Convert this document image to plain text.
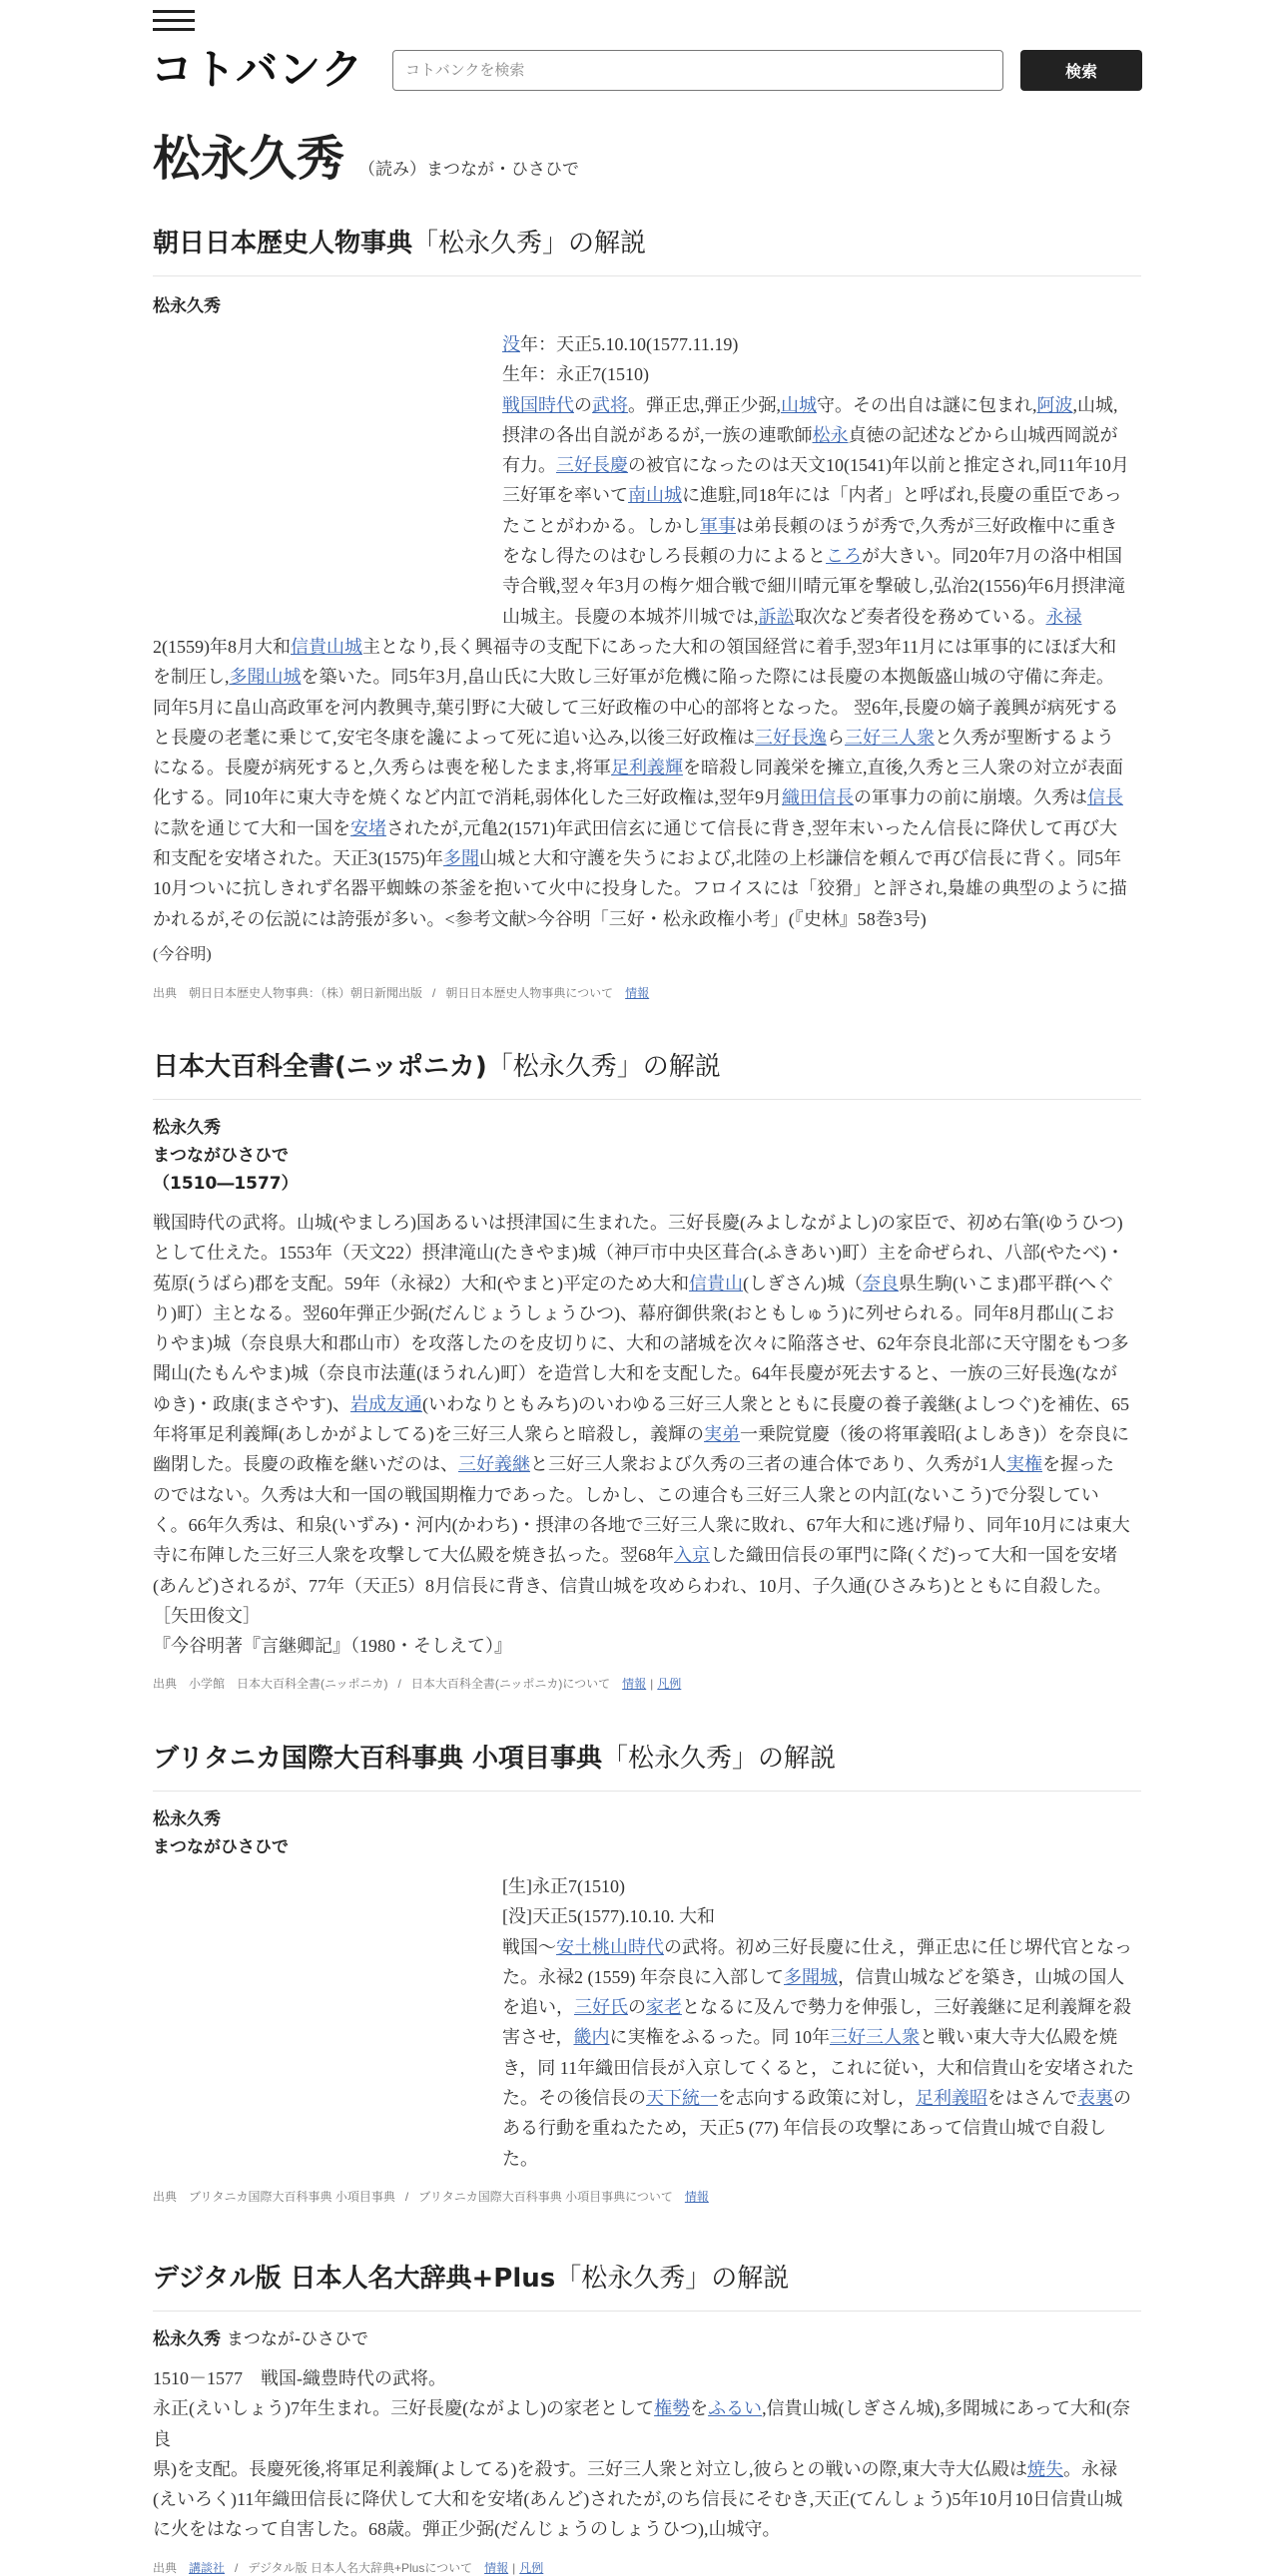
コトバンク
コトバンクを検索	検索
松永久秀 （読み）まつなが・ひさひで
朝日日本歴史人物事典「松永久秀」の解説
松永久秀
没年：天正5.10.10(1577.11.19)
生年：永正7(1510)
戦国時代の武将。弾正忠,弾正少弼,山城守。その出自は謎に包まれ,阿波,山城,
摂津の各出自説があるが,一族の連歌師松永貞徳の記述などから山城西岡説が
有力。三好長慶の被官になったのは天文10(1541)年以前と推定され,同11年10月
三好軍を率いて南山城に進駐,同18年には「内者」と呼ばれ,長慶の重臣であっ
たことがわかる。しかし軍事は弟長頼のほうが秀で,久秀が三好政権中に重き
をなし得たのはむしろ長頼の力によるところが大きい。同20年7月の洛中相国
寺合戦,翌々年3月の梅ケ畑合戦で細川晴元軍を撃破し,弘治2(1556)年6月摂津滝
山城主。長慶の本城芥川城では,訴訟取次など奏者役を務めている。永禄
2(1559)年8月大和信貴山城主となり,長く興福寺の支配下にあった大和の領国経営に着手,翌3年11月には軍事的にほぼ大和
を制圧し,多聞山城を築いた。同5年3月,畠山氏に大敗し三好軍が危機に陥った際には長慶の本拠飯盛山城の守備に奔走。
同年5月に畠山高政軍を河内教興寺,葉引野に大破して三好政権の中心的部将となった。 翌6年,長慶の嫡子義興が病死する
と長慶の老耄に乗じて,安宅冬康を讒によって死に追い込み,以後三好政権は三好長逸ら三好三人衆と久秀が聖断するよう
になる。長慶が病死すると,久秀らは喪を秘したまま,将軍足利義輝を暗殺し同義栄を擁立,直後,久秀と三人衆の対立が表面
化する。同10年に東大寺を焼くなど内訌で消耗,弱体化した三好政権は,翌年9月織田信長の軍事力の前に崩壊。久秀は信長
に款を通じて大和一国を安堵されたが,元亀2(1571)年武田信玄に通じて信長に背き,翌年末いったん信長に降伏して再び大
和支配を安堵された。天正3(1575)年多聞山城と大和守護を失うにおよび,北陸の上杉謙信を頼んで再び信長に背く。同5年
10月ついに抗しきれず名器平蜘蛛の茶釜を抱いて火中に投身した。フロイスには「狡猾」と評され,梟雄の典型のように描
かれるが,その伝説には誇張が多い。<参考文献>今谷明「三好・松永政権小考」(『史林』58巻3号)
(今谷明)
出典 朝日日本歴史人物事典：（株）朝日新聞出版 / 朝日日本歴史人物事典について 情報
日本大百科全書(ニッポニカ)「松永久秀」の解説
松永久秀
まつながひさひで
（1510―1577）
戦国時代の武将。山城(やましろ)国あるいは摂津国に生まれた。三好長慶(みよしながよし)の家臣で、初め右筆(ゆうひつ)
として仕えた。1553年（天文22）摂津滝山(たきやま)城（神戸市中央区葺合(ふきあい)町）主を命ぜられ、八部(やたべ)・
菟原(うばら)郡を支配。59年（永禄2）大和(やまと)平定のため大和信貴山(しぎさん)城（奈良県生駒(いこま)郡平群(へぐ
り)町）主となる。翌60年弾正少弼(だんじょうしょうひつ)、幕府御供衆(おともしゅう)に列せられる。同年8月郡山(こお
りやま)城（奈良県大和郡山市）を攻落したのを皮切りに、大和の諸城を次々に陥落させ、62年奈良北部に天守閣をもつ多
聞山(たもんやま)城（奈良市法蓮(ほうれん)町）を造営し大和を支配した。64年長慶が死去すると、一族の三好長逸(なが
ゆき)・政康(まさやす)、岩成友通(いわなりともみち)のいわゆる三好三人衆とともに長慶の養子義継(よしつぐ)を補佐、65
年将軍足利義輝(あしかがよしてる)を三好三人衆らと暗殺し，義輝の実弟一乗院覚慶（後の将軍義昭(よしあき)）を奈良に
幽閉した。長慶の政権を継いだのは、三好義継と三好三人衆および久秀の三者の連合体であり、久秀が1人実権を握った
のではない。久秀は大和一国の戦国期権力であった。しかし、この連合も三好三人衆との内訌(ないこう)で分裂してい
く。66年久秀は、和泉(いずみ)・河内(かわち)・摂津の各地で三好三人衆に敗れ、67年大和に逃げ帰り、同年10月には東大
寺に布陣した三好三人衆を攻撃して大仏殿を焼き払った。翌68年入京した織田信長の軍門に降(くだ)って大和一国を安堵
(あんど)されるが、77年（天正5）8月信長に背き、信貴山城を攻めらわれ、10月、子久通(ひさみち)とともに自殺した。
［矢田俊文］
『今谷明著『言継卿記』（1980・そしえて）』
出典 小学館　日本大百科全書(ニッポニカ) / 日本大百科全書(ニッポニカ)について 情報 | 凡例
ブリタニカ国際大百科事典 小項目事典「松永久秀」の解説
松永久秀
まつながひさひで
[生]永正7(1510)
[没]天正5(1577).10.10. 大和
戦国～安土桃山時代の武将。初め三好長慶に仕え，弾正忠に任じ堺代官となっ
た。永禄2 (1559) 年奈良に入部して多聞城，信貴山城などを築き，山城の国人
を追い，三好氏の家老となるに及んで勢力を伸張し，三好義継に足利義輝を殺
害させ，畿内に実権をふるった。同 10年三好三人衆と戦い東大寺大仏殿を焼
き，同 11年織田信長が入京してくると，これに従い，大和信貴山を安堵された
た。その後信長の天下統一を志向する政策に対し，足利義昭をはさんで表裏の
ある行動を重ねたため，天正5 (77) 年信長の攻撃にあって信貴山城で自殺し
た。
出典 ブリタニカ国際大百科事典 小項目事典 / ブリタニカ国際大百科事典 小項目事典について 情報
デジタル版 日本人名大辞典+Plus「松永久秀」の解説
松永久秀 まつなが-ひさひで
1510－1577　戦国-織豊時代の武将。
永正(えいしょう)7年生まれ。三好長慶(ながよし)の家老として権勢をふるい,信貴山城(しぎさん城),多聞城にあって大和(奈良
県)を支配。長慶死後,将軍足利義輝(よしてる)を殺す。三好三人衆と対立し,彼らとの戦いの際,東大寺大仏殿は焼失。永禄
(えいろく)11年織田信長に降伏して大和を安堵(あんど)されたが,のち信長にそむき,天正(てんしょう)5年10月10日信貴山城
に火をはなって自害した。68歳。弾正少弼(だんじょうのしょうひつ),山城守。
出典 講談社 / デジタル版 日本人名大辞典+Plusについて 情報 | 凡例
